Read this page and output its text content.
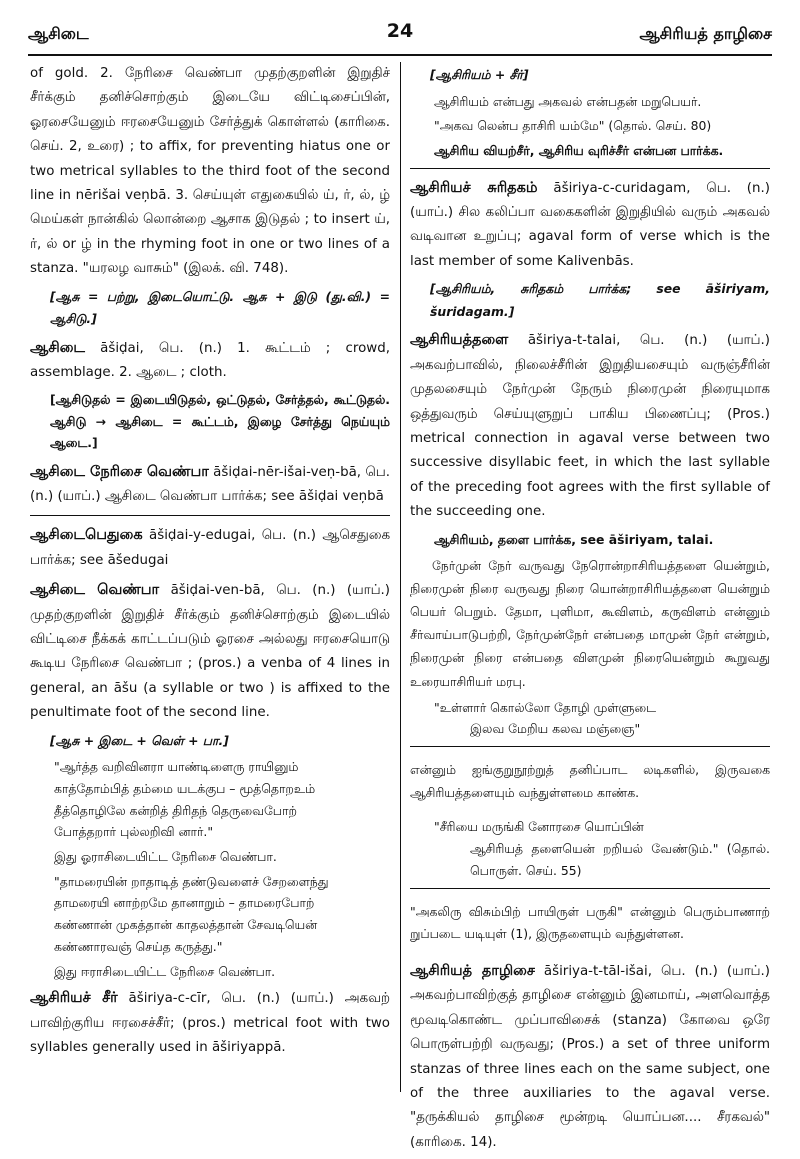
ஆசிடை	24	ஆசிரியத் தாழிசை

of gold. 2. நேரிசை வெண்பா முதற்குறளின் இறுதிச் சீர்க்கும் தனிச்சொற்கும் இடையே விட்டிசைப்பின், ஓரசையேனும் ஈரசையேனும் சேர்த்துக் கொள்ளல் (காரிகை. செய். 2, உரை) ; to affix, for preventing hiatus one or two metrical syllables to the third foot of the second line in nērišai veņbā. 3. செய்யுள் எதுகையில் ய், ர், ல், ழ் மெய்கள் நான்கில் லொன்றை ஆசாக இடுதல் ; to insert ய், ர், ல் or ழ் in the rhyming foot in one or two lines of a stanza. "யரலழ வாசும்" (இலக். வி. 748).

[ஆசு = பற்று, இடையொட்டு. ஆசு + இடு (து.வி.) = ஆசிடு.]

ஆசிடை āšiḍai, பெ. (n.) 1. கூட்டம் ; crowd, assemblage. 2. ஆடை ; cloth.

[ஆசிடுதல் = இடையிடுதல், ஒட்டுதல், சேர்த்தல், கூட்டுதல். ஆசிடு → ஆசிடை = கூட்டம், இழை சேர்த்து நெய்யும் ஆடை.]

ஆசிடை நேரிசை வெண்பா āšiḍai-nēr-išai-veṇ-bā, பெ. (n.) (யாப்.) ஆசிடை வெண்பா பார்க்க; see āšiḍai veņbā

ஆசிடைபெதுகை āšiḍai-y-edugai, பெ. (n.) ஆசெதுகை பார்க்க; see āšedugai

ஆசிடை வெண்பா āšiḍai-ven-bā, பெ. (n.) (யாப்.) முதற்குறளின் இறுதிச் சீர்க்கும் தனிச்சொற்கும் இடையில் விட்டிசை நீக்கக் காட்டப்படும் ஓரசை அல்லது ஈரசையொடு கூடிய நேரிசை வெண்பா ; (pros.) a venba of 4 lines in general, an āšu (a syllable or two ) is affixed to the penultimate foot of the second line.

[ஆசு + இடை + வெள் + பா.]

"ஆர்த்த வறிவினரா யாண்டிளைரு ராயினும்
காத்தோம்பித் தம்மை யடக்குப – மூத்தொறஉம்
தீத்தொழிலே கன்றித் திரிதந் தெருவைபோற்
போத்தறார் புல்லறிவி னார்."

இது ஓராசிடையிட்ட நேரிசை வெண்பா.

"தாமரையின் றாதாடித் தண்டுவளைச் சேறளைந்து
தாமரையி னாற்றமே தானாறும் – தாமரைபோற்
கண்ணான் முகத்தான் காதலத்தான் சேவடியென்
கண்ணாரவஞ் செய்த கருத்து."

இது ஈராசிடையிட்ட நேரிசை வெண்பா.

ஆசிரியச் சீர் āširiya-c-cīr, பெ. (n.) (யாப்.) அகவற் பாவிற்குரிய ஈரசைச்சீர்; (pros.) metrical foot with two syllables generally used in āširiyappā.

[ஆசிரியம் + சீர்]

ஆசிரியம் என்பது அகவல் என்பதன் மறுபெயர்.

"அகவ லென்ப தாசிரி யம்மே" (தொல். செய். 80)

ஆசிரிய வியற்சீர், ஆசிரிய வுரிச்சீர் என்பன பார்க்க.

ஆசிரியச் சுரிதகம் āširiya-c-curidagam, பெ. (n.) (யாப்.) சில கலிப்பா வகைகளின் இறுதியில் வரும் அகவல் வடிவான உறுப்பு; agaval form of verse which is the last member of some Kalivenbās.

[ஆசிரியம், சுரிதகம் பார்க்க; see āširiyam, šuridagam.]

ஆசிரியத்தளை āširiya-t-talai, பெ. (n.) (யாப்.) அகவற்பாவில், நிலைச்சீரின் இறுதியசையும் வருஞ்சீரின் முதலசையும் நேர்முன் நேரும் நிரைமுன் நிரையுமாக ஒத்துவரும் செய்யுளுறுப் பாகிய பிணைப்பு; (Pros.) metrical connection in agaval verse between two successive disyllabic feet, in which the last syllable of the preceding foot agrees with the first syllable of the succeeding one.

ஆசிரியம், தளை பார்க்க, see āširiyam, talai.

நேர்முன் நேர் வருவது நேரொன்றாசிரியத்தளை யென்றும், நிரைமுன் நிரை வருவது நிரை யொன்றாசிரியத்தளை யென்றும் பெயர் பெறும். தேமா, புளிமா, கூவிளம், கருவிளம் என்னும் சீர்வாய்பாடுபற்றி, நேர்முன்நேர் என்பதை மாமுன் நேர் என்றும், நிரைமுன் நிரை என்பதை விளமுன் நிரையென்றும் கூறுவது உரையாசிரியர் மரபு.

"உள்ளார் கொல்லோ தோழி முள்ளுடை
இலவ மேறிய கலவ மஞ்ஞை"

என்னும் ஐங்குறுநூற்றுத் தனிப்பாட லடிகளில், இருவகை ஆசிரியத்தளையும் வந்துள்ளமை காண்க.

"சீரியை மருங்கி னோரசை யொப்பின்
ஆசிரியத் தளையென் றறியல் வேண்டும்." (தொல். பொருள். செய். 55)

"அகலிரு விசும்பிற் பாயிருள் பருகி" என்னும் பெரும்பாணாற் றுப்படை யடியுள் (1), இருதளையும் வந்துள்ளன.

ஆசிரியத் தாழிசை āširiya-t-tāl-išai, பெ. (n.) (யாப்.) அகவற்பாவிற்குத் தாழிசை என்னும் இனமாய், அளவொத்த மூவடிகொண்ட முப்பாவிசைக் (stanza) கோவை ஒரே பொருள்பற்றி வருவது; (Pros.) a set of three uniform stanzas of three lines each on the same subject, one of the three auxiliaries to the agaval verse. "தருக்கியல் தாழிசை மூன்றடி யொப்பன.... சீரகவல்" (காரிகை. 14).
